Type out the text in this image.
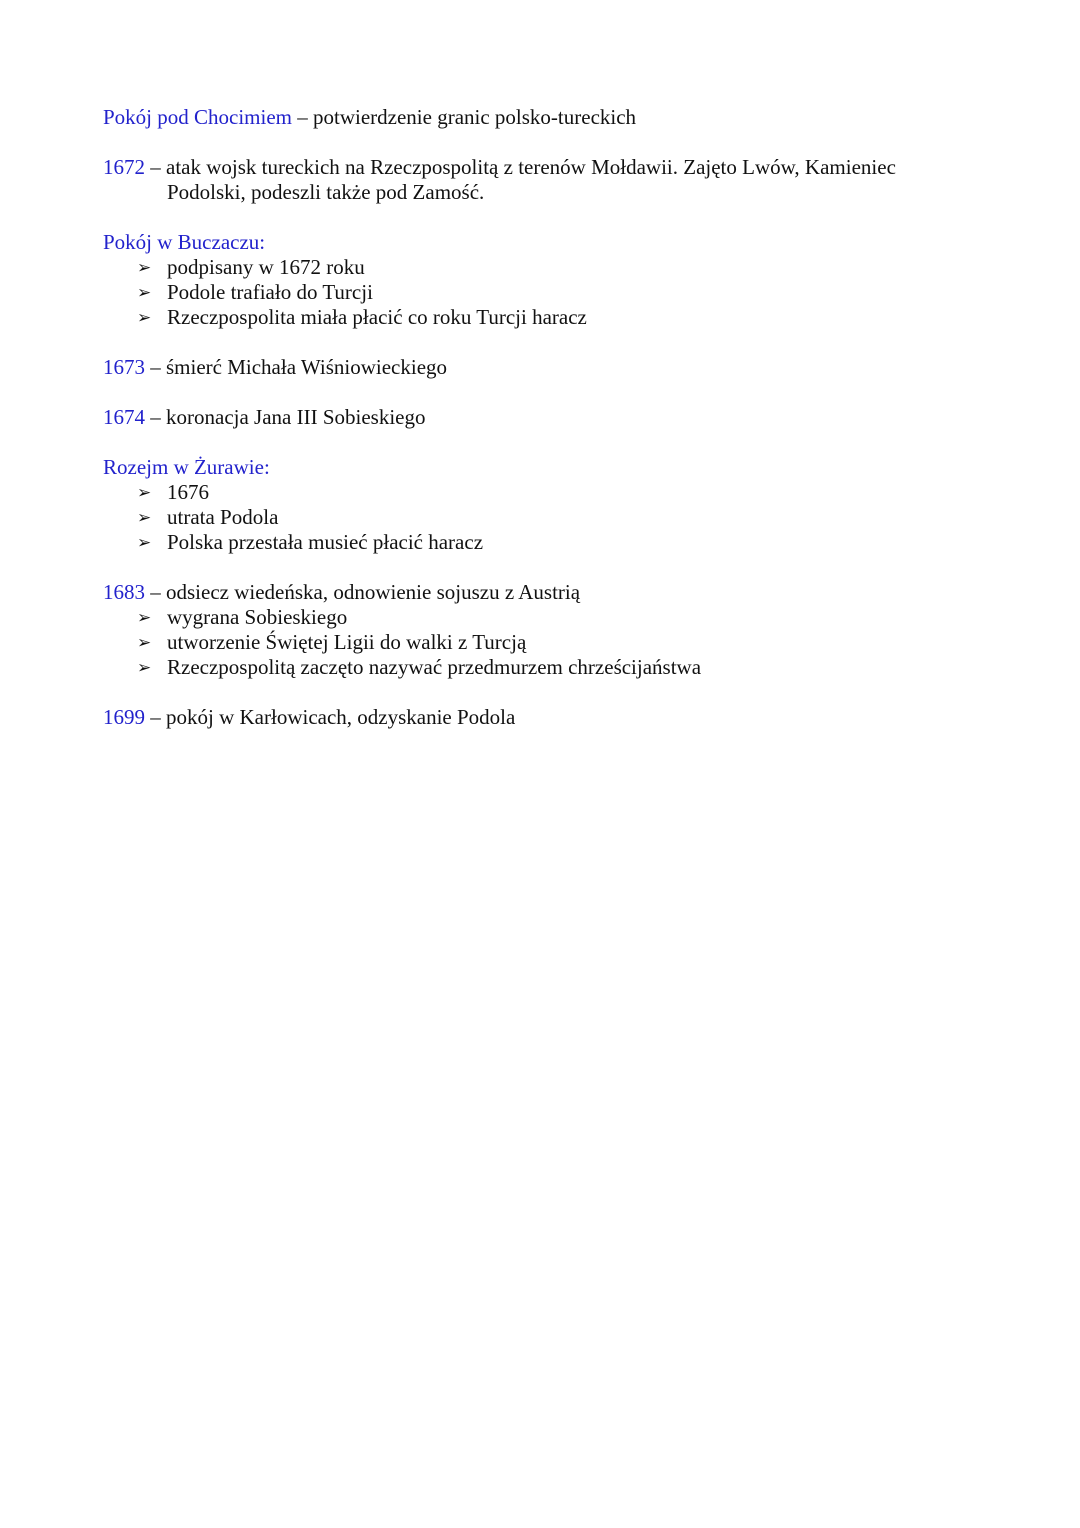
Pokój pod Chocimiem – potwierdzenie granic polsko-tureckich
1672 – atak wojsk tureckich na Rzeczpospolitą z terenów Mołdawii. Zajęto Lwów, Kamieniec
Podolski, podeszli także pod Zamość.
Pokój w Buczaczu:
➢ podpisany w 1672 roku
➢ Podole trafiało do Turcji
➢ Rzeczpospolita miała płacić co roku Turcji haracz
1673 – śmierć Michała Wiśniowieckiego
1674 – koronacja Jana III Sobieskiego
Rozejm w Żurawie:
➢ 1676
➢ utrata Podola
➢ Polska przestała musieć płacić haracz
1683 – odsiecz wiedeńska, odnowienie sojuszu z Austrią
➢ wygrana Sobieskiego
➢ utworzenie Świętej Ligii do walki z Turcją
➢ Rzeczpospolitą zaczęto nazywać przedmurzem chrześcijaństwa
1699 – pokój w Karłowicach, odzyskanie Podola
